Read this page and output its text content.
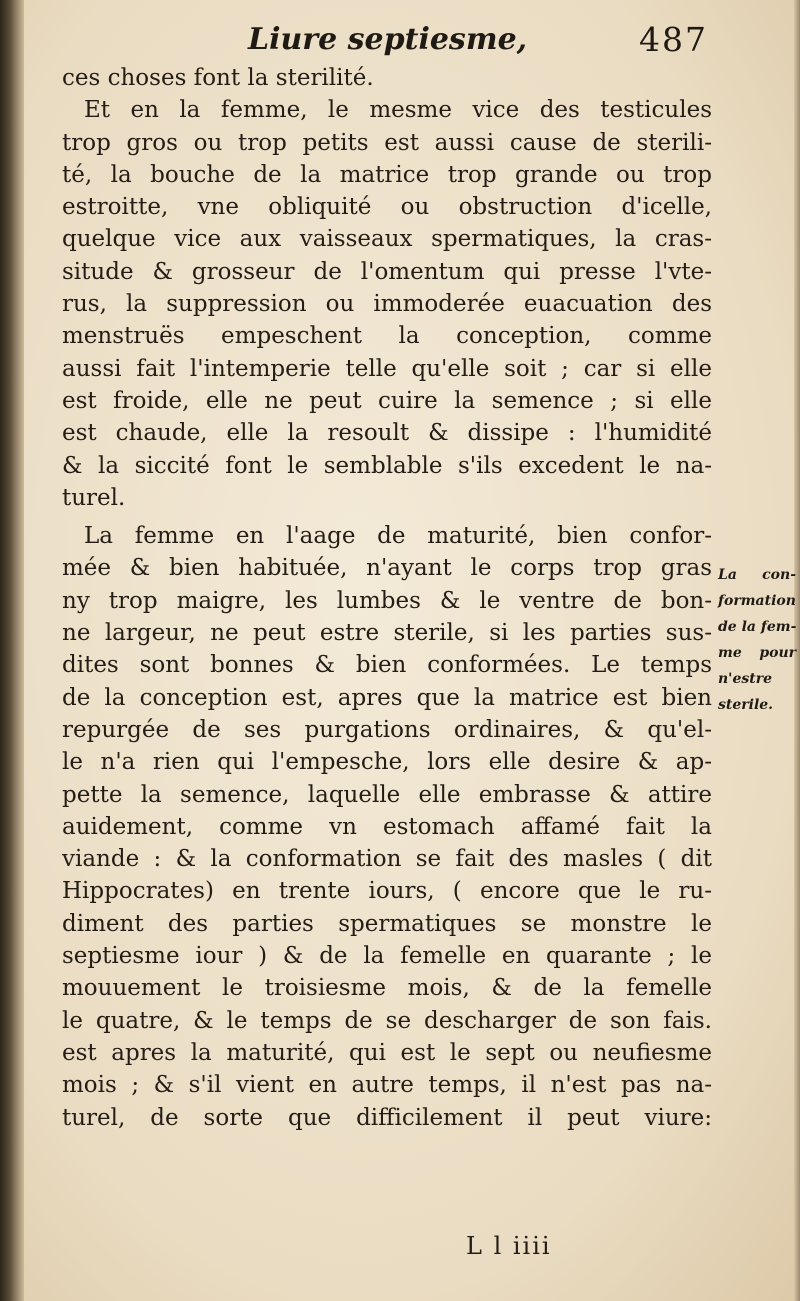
Liure septiesme,	487
ces choses font la sterilité.
Et en la femme, le mesme vice des testicules
trop gros ou trop petits est aussi cause de sterili-
té, la bouche de la matrice trop grande ou trop
estroitte, vne obliquité ou obstruction d'icelle,
quelque vice aux vaisseaux spermatiques, la cras-
situde & grosseur de l'omentum qui presse l'vte-
rus, la suppression ou immoderée euacuation des
menstruës empeschent la conception, comme
aussi fait l'intemperie telle qu'elle soit ; car si elle
est froide, elle ne peut cuire la semence ; si elle
est chaude, elle la resoult & dissipe : l'humidité
& la siccité font le semblable s'ils excedent le na-
turel.
La femme en l'aage de maturité, bien confor-
mée & bien habituée, n'ayant le corps trop gras
ny trop maigre, les lumbes & le ventre de bon-
ne largeur, ne peut estre sterile, si les parties sus-
dites sont bonnes & bien conformées. Le temps
de la conception est, apres que la matrice est bien
repurgée de ses purgations ordinaires, & qu'el-
le n'a rien qui l'empesche, lors elle desire & ap-
pette la semence, laquelle elle embrasse & attire
auidement, comme vn estomach affamé fait la
viande : & la conformation se fait des masles ( dit
Hippocrates) en trente iours, ( encore que le ru-
diment des parties spermatiques se monstre le
septiesme iour ) & de la femelle en quarante ; le
mouuement le troisiesme mois, & de la femelle
le quatre, & le temps de se descharger de son fais.
est apres la maturité, qui est le sept ou neufiesme
mois ; & s'il vient en autre temps, il n'est pas na-
turel, de sorte que difficilement il peut viure:
La con-
formation
de la fem-
me pour
n'estre
sterile.
L l iiii
